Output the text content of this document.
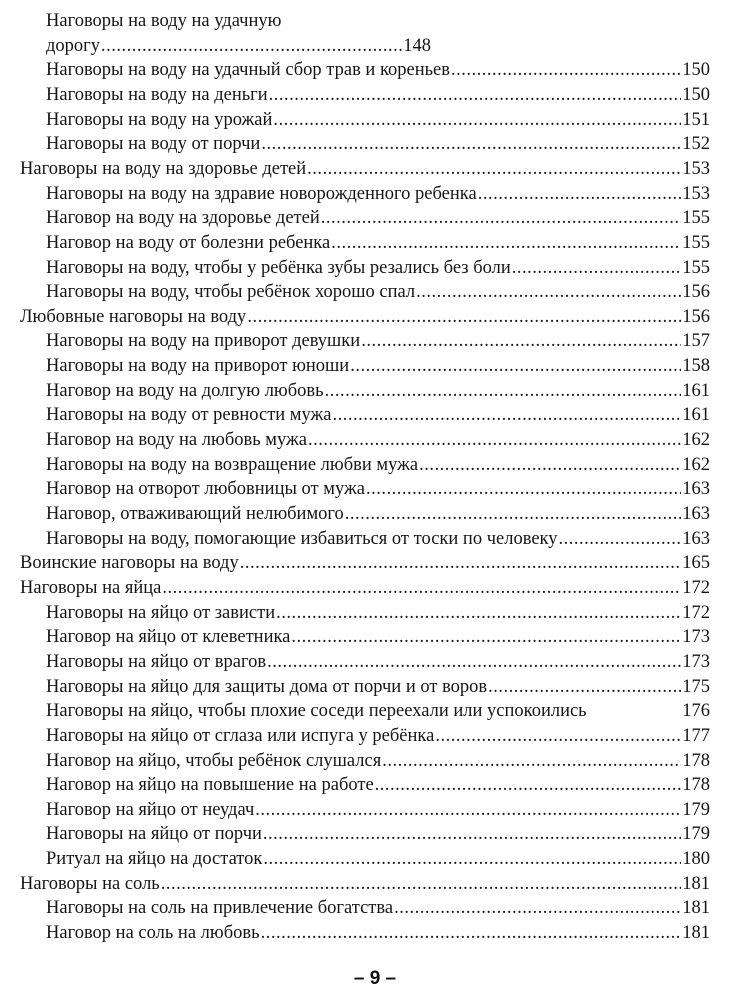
Наговоры на воду на удачную
дорогу .....	148
Наговоры на воду на удачный сбор трав и кореньев .....	150
Наговоры на воду на деньги .....	150
Наговоры на воду на урожай .....	151
Наговоры на воду от порчи .....	152
Наговоры на воду на здоровье детей .....	153
Наговоры на воду на здравие новорожденного ребенка .....	153
Наговор на воду на здоровье детей .....	155
Наговор на воду от болезни ребенка .....	155
Наговоры на воду, чтобы у ребёнка зубы резались без боли .....	155
Наговоры на воду, чтобы ребёнок хорошо спал .....	156
Любовные наговоры на воду .....	156
Наговоры на воду на приворот девушки .....	157
Наговоры на воду на приворот юноши .....	158
Наговор на воду на долгую любовь .....	161
Наговоры на воду от ревности мужа .....	161
Наговор на воду на любовь мужа .....	162
Наговоры на воду на возвращение любви мужа .....	162
Наговор на отворот любовницы от мужа .....	163
Наговор, отваживающий нелюбимого .....	163
Наговоры на воду, помогающие избавиться от тоски по человеку .....	163
Воинские наговоры на воду .....	165
Наговоры на яйца .....	172
Наговоры на яйцо от зависти .....	172
Наговор на яйцо от клеветника .....	173
Наговоры на яйцо от врагов .....	173
Наговоры на яйцо для защиты дома от порчи и от воров .....	175
Наговоры на яйцо, чтобы плохие соседи переехали или успокоились	176
Наговоры на яйцо от сглаза или испуга у ребёнка .....	177
Наговор на яйцо, чтобы ребёнок слушался .....	178
Наговор на яйцо на повышение на работе .....	178
Наговор на яйцо от неудач .....	179
Наговоры на яйцо от порчи .....	179
Ритуал на яйцо на достаток .....	180
Наговоры на соль .....	181
Наговоры на соль на привлечение богатства .....	181
Наговор на соль на любовь .....	181
– 9 –
